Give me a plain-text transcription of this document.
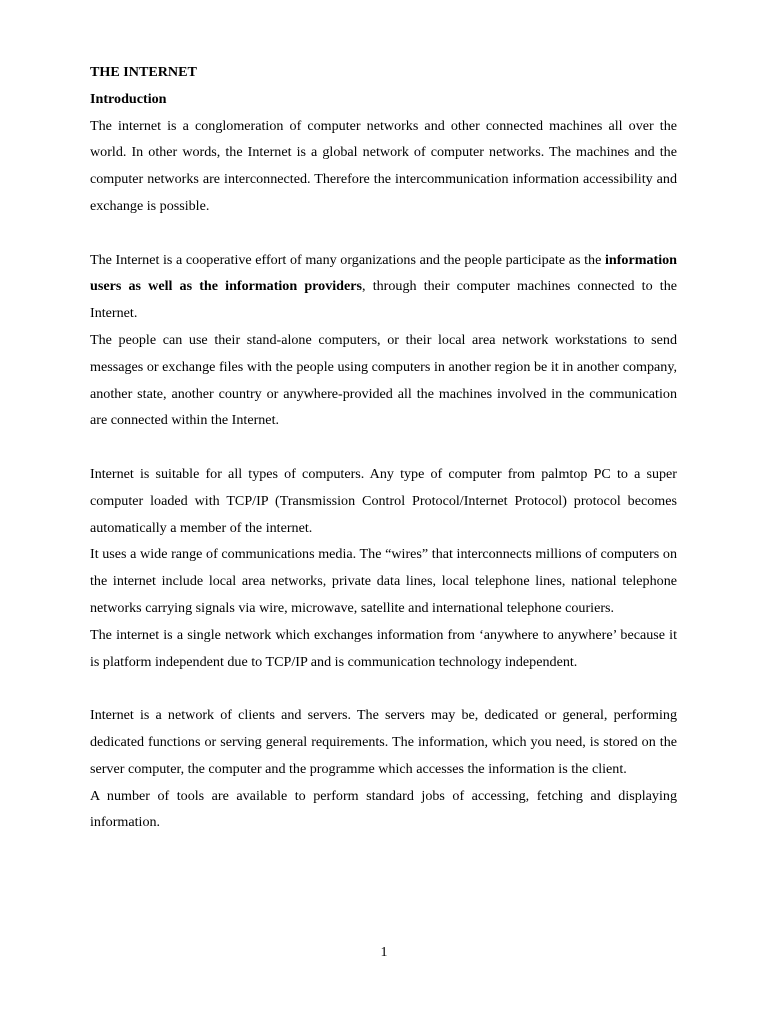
THE INTERNET
Introduction

The internet is a conglomeration of computer networks and other connected machines all over the world. In other words, the Internet is a global network of computer networks. The machines and the computer networks are interconnected. Therefore the intercommunication information accessibility and exchange is possible.

The Internet is a cooperative effort of many organizations and the people participate as the information users as well as the information providers, through their computer machines connected to the Internet.

The people can use their stand-alone computers, or their local area network workstations to send messages or exchange files with the people using computers in another region be it in another company, another state, another country or anywhere-provided all the machines involved in the communication are connected within the Internet.

Internet is suitable for all types of computers. Any type of computer from palmtop PC to a super computer loaded with TCP/IP (Transmission Control Protocol/Internet Protocol) protocol becomes automatically a member of the internet.

It uses a wide range of communications media. The “wires” that interconnects millions of computers on the internet include local area networks, private data lines, local telephone lines, national telephone networks carrying signals via wire, microwave, satellite and international telephone couriers.

The internet is a single network which exchanges information from ‘anywhere to anywhere’ because it is platform independent due to TCP/IP and is communication technology independent.

Internet is a network of clients and servers. The servers may be, dedicated or general, performing dedicated functions or serving general requirements. The information, which you need, is stored on the server computer, the computer and the programme which accesses the information is the client.

A number of tools are available to perform standard jobs of accessing, fetching and displaying information.

1
